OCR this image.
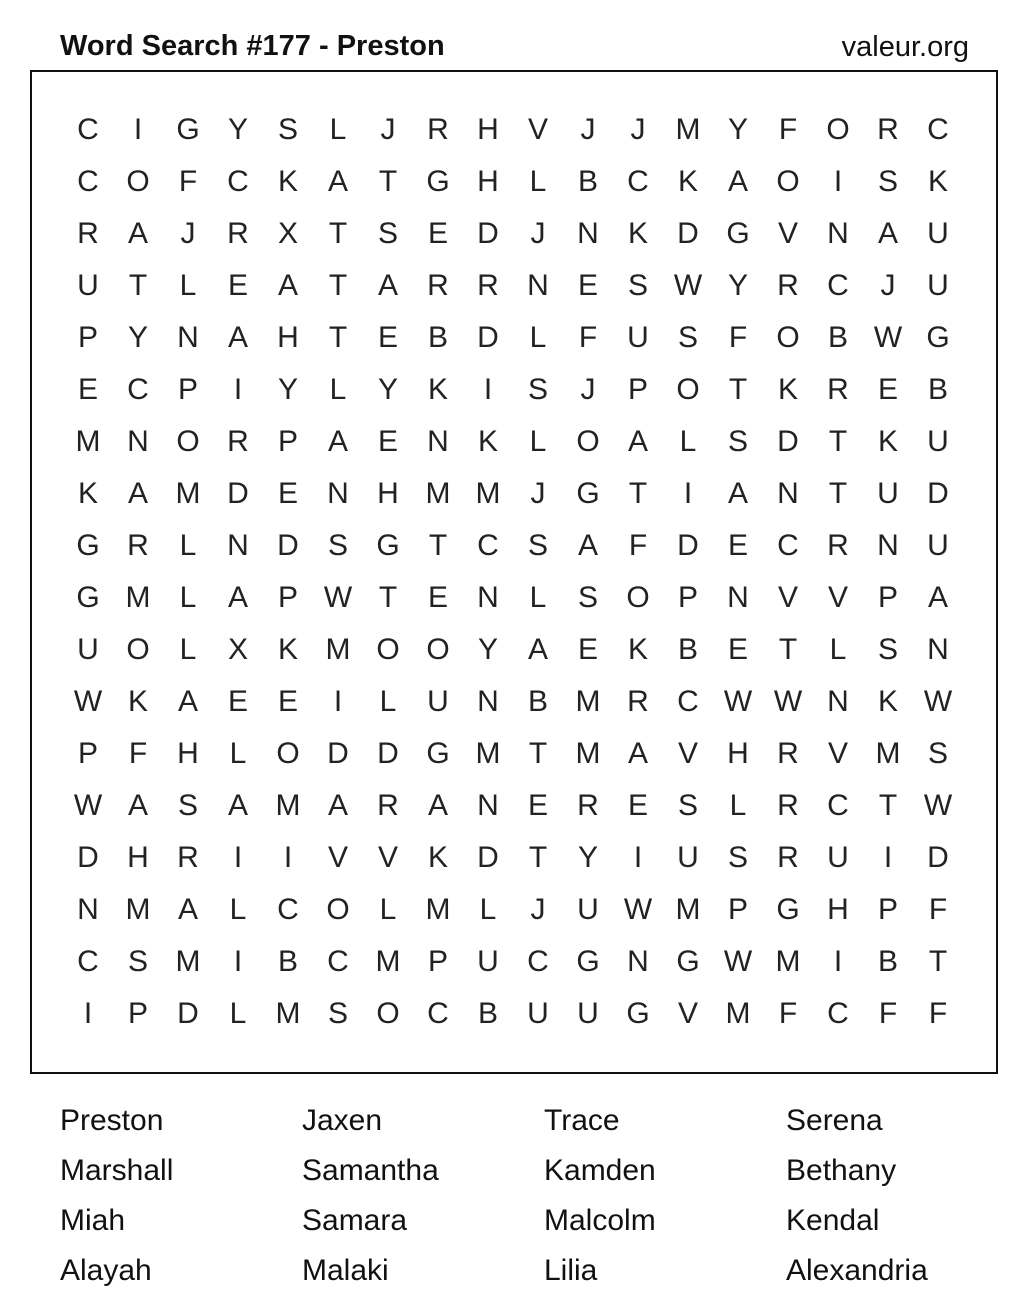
Word Search #177 - Preston	valeur.org
C	I	G Y S	L	J	R H V	J	J	M Y	F O R C
C O F	C K A	T G H	L	B C K A O	I	S K
R A	J	R X	T	S E D	J	N K D G V N A U
U	T	L	E A	T	A R R N E S W Y R C	J	U
P Y N A H	T	E B D	L	F	U S	F O B W G
E C P	I	Y	L	Y K	I	S	J	P O T	K R E B
M N O R P A E N K	L O A	L	S D	T	K U
K A M D E N H M M	J	G T	I	A N	T	U D
G R	L	N D S G T	C S A	F	D E C R N U
G M L	A P W T	E N	L	S O P N V V P A
U O L	X K M O O Y A E K B E	T	L	S N
W K A E E	I	L	U N B M R C W W N K W
P	F	H	L O D D G M T M A V H R V M S
W A S A M A R A N E R E S	L	R C	T W
D H R	I	I	V V K D	T	Y	I	U S R U	I	D
N M A	L	C O L M L	J	U W M P G H P	F
C S M	I	B C M P U C G N G W M	I	B	T
I	P D	L M S O C B U U G V M F	C	F	F
Preston	Jaxen	Trace	Serena
Marshall	Samantha	Kamden	Bethany
Miah	Samara	Malcolm	Kendal
Alayah	Malaki	Lilia	Alexandria
